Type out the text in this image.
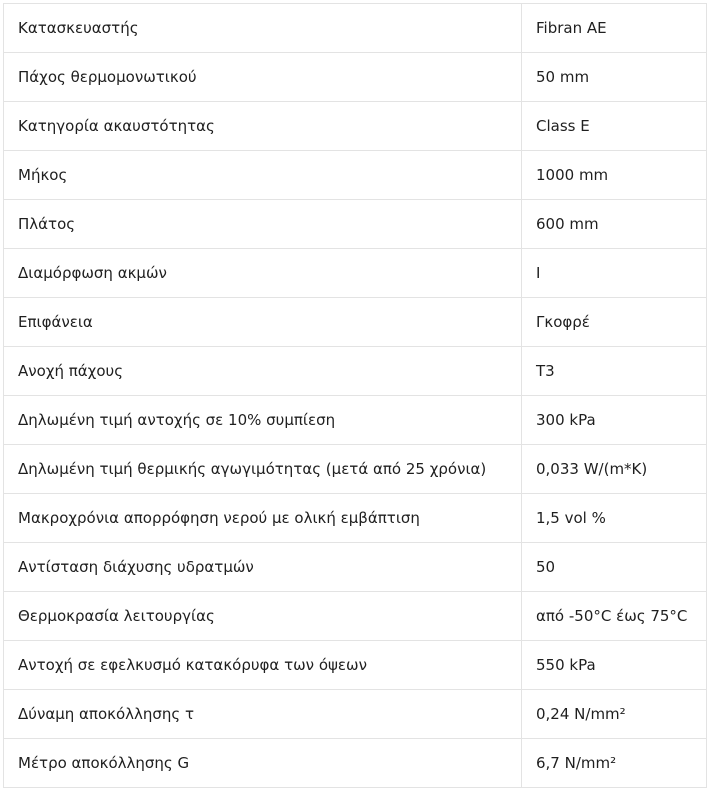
Κατασκευαστής	Fibran AE
Πάχος θερμομονωτικού	50 mm
Κατηγορία ακαυστότητας	Class E
Μήκος	1000 mm
Πλάτος	600 mm
Διαμόρφωση ακμών	I
Επιφάνεια	Γκοφρέ
Ανοχή πάχους	T3
Δηλωμένη τιμή αντοχής σε 10% συμπίεση	300 kPa
Δηλωμένη τιμή θερμικής αγωγιμότητας (μετά από 25 χρόνια)	0,033 W/(m*K)
Μακροχρόνια απορρόφηση νερού με ολική εμβάπτιση	1,5 vol %
Αντίσταση διάχυσης υδρατμών	50
Θερμοκρασία λειτουργίας	από -50°C έως 75°C
Αντοχή σε εφελκυσμό κατακόρυφα των όψεων	550 kPa
Δύναμη αποκόλλησης τ	0,24 N/mm²
Μέτρο αποκόλλησης G	6,7 N/mm²
